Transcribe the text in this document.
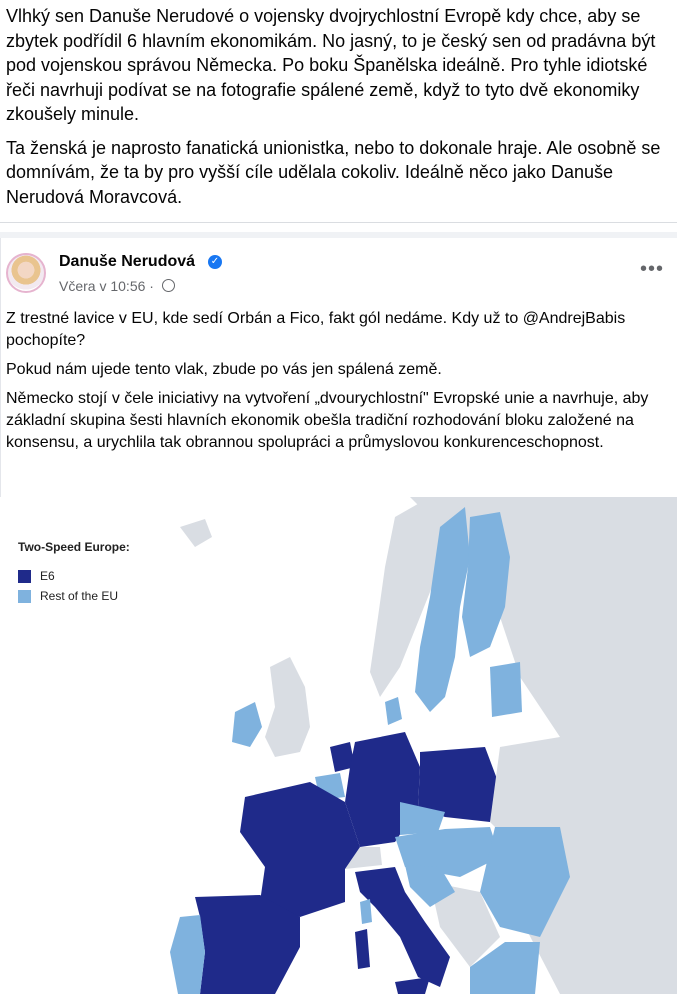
Vlhký sen Danuše Nerudové o vojensky dvojrychlostní Evropě kdy chce, aby se zbytek podřídil 6 hlavním ekonomikám. No jasný, to je český sen od pradávna být pod vojenskou správou Německa. Po boku Španělska ideálně. Pro tyhle idiotské řeči navrhuji podívat se na fotografie spálené země, když to tyto dvě ekonomiky zkoušely minule.

Ta ženská je naprosto fanatická unionistka, nebo to dokonale hraje. Ale osobně se domnívám, že ta by pro vyšší cíle udělala cokoliv. Ideálně něco jako Danuše Nerudová Moravcová.

Danuše Nerudová ✓
Včera v 10:56 ·
•••

Z trestné lavice v EU, kde sedí Orbán a Fico, fakt gól nedáme. Kdy už to @AndrejBabis pochopíte?

Pokud nám ujede tento vlak, zbude po vás jen spálená země.

Německo stojí v čele iniciativy na vytvoření „dvourychlostní" Evropské unie a navrhuje, aby základní skupina šesti hlavních ekonomik obešla tradiční rozhodování bloku založené na konsensu, a urychlila tak obrannou spolupráci a průmyslovou konkurenceschopnost.

Two-Speed Europe:
E6
Rest of the EU
